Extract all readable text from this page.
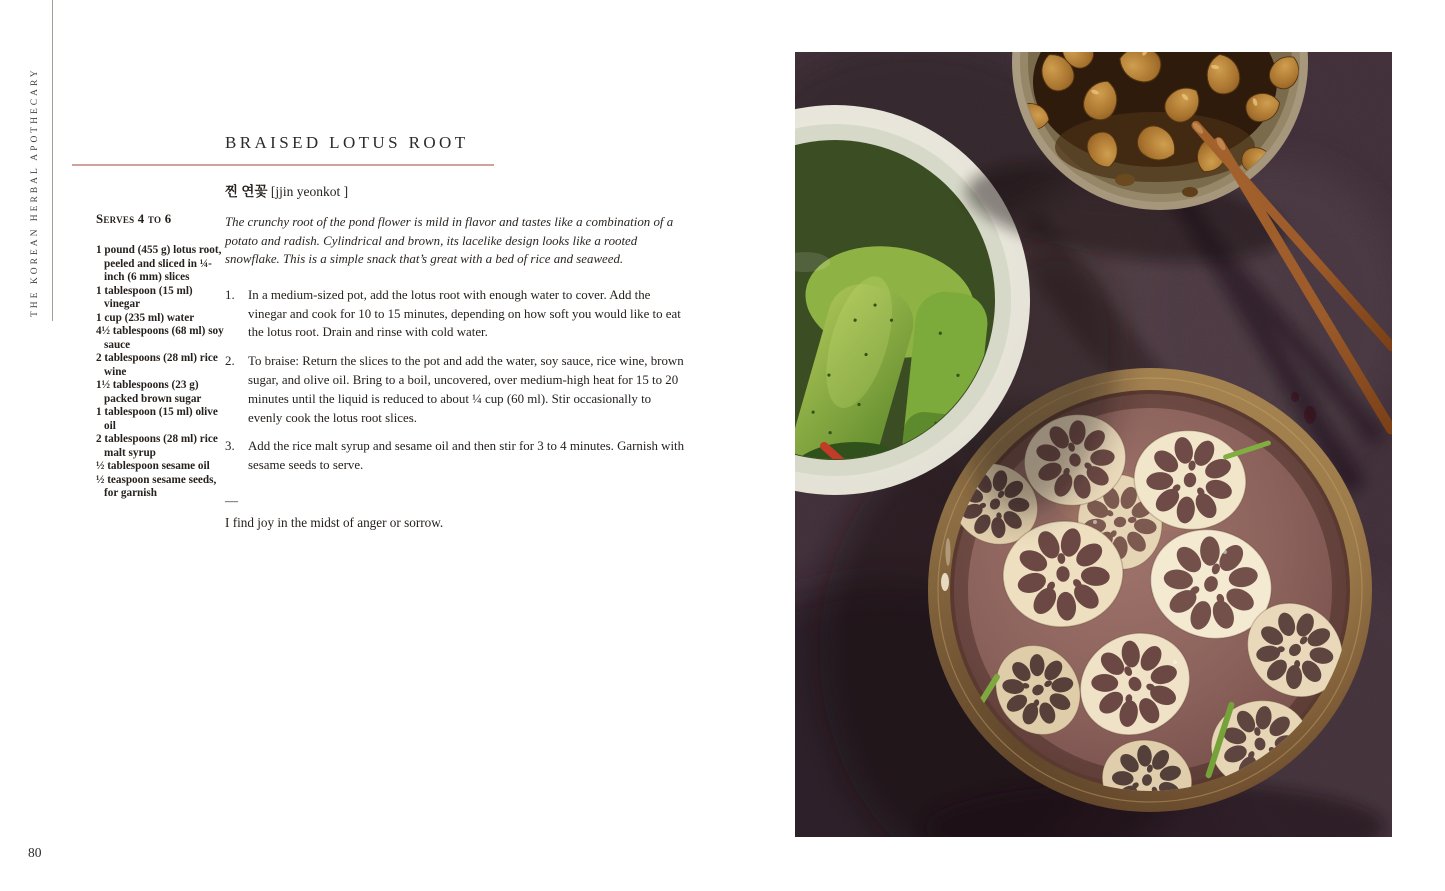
THE KOREAN HERBAL APOTHECARY	Serves 4 to 6
1 pound (455 g) lotus root, peeled and sliced in ¼-inch (6 mm) slices
1 tablespoon (15 ml) vinegar
1 cup (235 ml) water
4½ tablespoons (68 ml) soy sauce
2 tablespoons (28 ml) rice wine
1½ tablespoons (23 g) packed brown sugar
1 tablespoon (15 ml) olive oil
2 tablespoons (28 ml) rice malt syrup
½ tablespoon sesame oil
½ teaspoon sesame seeds, for garnish
BRAISED LOTUS ROOT
찐 연꽃 [jjin yeonkot ]

The crunchy root of the pond flower is mild in flavor and tastes like a combination of a potato and radish. Cylindrical and brown, its lacelike design looks like a rooted snowflake. This is a simple snack that’s great with a bed of rice and seaweed.

In a medium-sized pot, add the lotus root with enough water to cover. Add the vinegar and cook for 10 to 15 minutes, depending on how soft you would like to eat the lotus root. Drain and rinse with cold water.
To braise: Return the slices to the pot and add the water, soy sauce, rice wine, brown sugar, and olive oil. Bring to a boil, uncovered, over medium-high heat for 15 to 20 minutes until the liquid is reduced to about ¼ cup (60 ml). Stir occasionally to evenly cook the lotus root slices.
Add the rice malt syrup and sesame oil and then stir for 3 to 4 minutes. Garnish with sesame seeds to serve.
—

I find joy in the midst of anger or sorrow.

80
